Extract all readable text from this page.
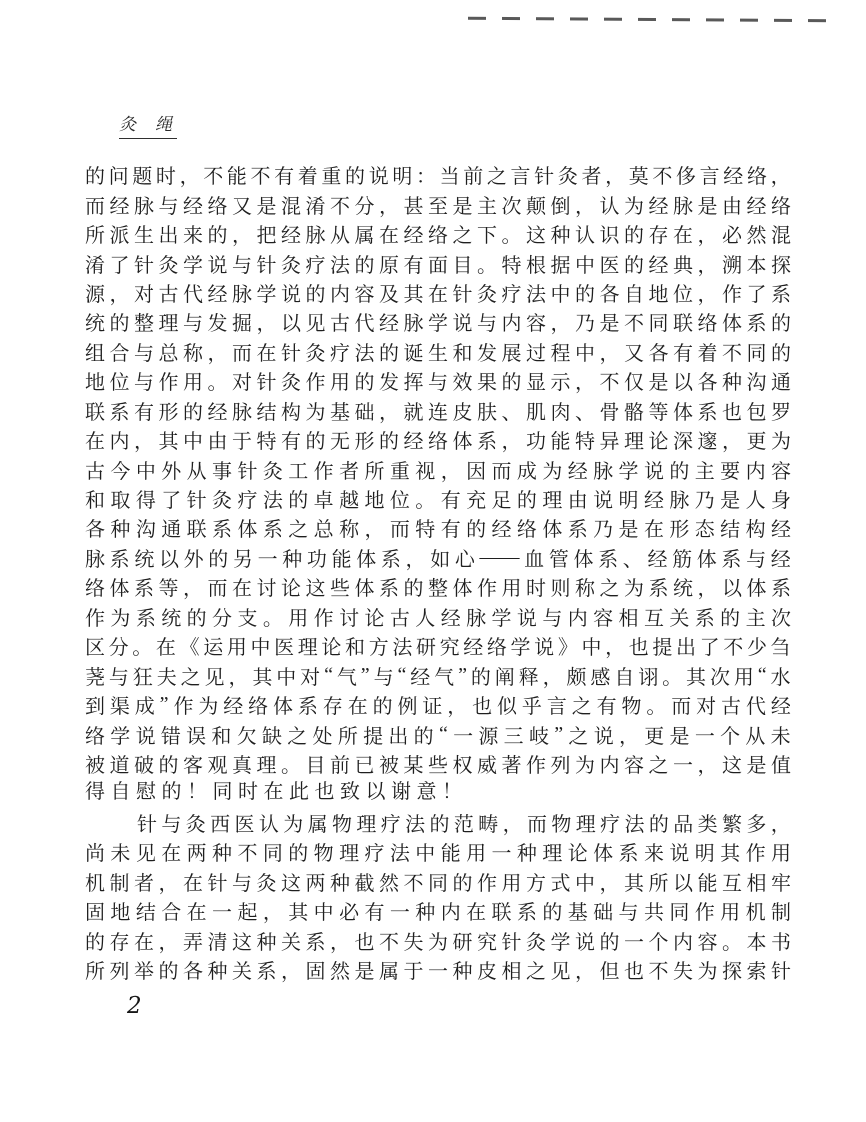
灸　绳
的 问 题 时 ， 不 能 不 有 着 重 的 说 明 ： 当 前 之 言 针 灸 者 ， 莫 不 侈 言 经 络 ，
而 经 脉 与 经 络 又 是 混 淆 不 分 ， 甚 至 是 主 次 颠 倒 ， 认 为 经 脉 是 由 经 络
所 派 生 出 来 的 ， 把 经 脉 从 属 在 经 络 之 下 。 这 种 认 识 的 存 在 ， 必 然 混
淆 了 针 灸 学 说 与 针 灸 疗 法 的 原 有 面 目 。 特 根 据 中 医 的 经 典 ， 溯 本 探
源 ， 对 古 代 经 脉 学 说 的 内 容 及 其 在 针 灸 疗 法 中 的 各 自 地 位 ， 作 了 系
统 的 整 理 与 发 掘 ， 以 见 古 代 经 脉 学 说 与 内 容 ， 乃 是 不 同 联 络 体 系 的
组 合 与 总 称 ， 而 在 针 灸 疗 法 的 诞 生 和 发 展 过 程 中 ， 又 各 有 着 不 同 的
地 位 与 作 用 。 对 针 灸 作 用 的 发 挥 与 效 果 的 显 示 ， 不 仅 是 以 各 种 沟 通
联 系 有 形 的 经 脉 结 构 为 基 础 ， 就 连 皮 肤 、 肌 肉 、 骨 骼 等 体 系 也 包 罗
在 内 ， 其 中 由 于 特 有 的 无 形 的 经 络 体 系 ， 功 能 特 异 理 论 深 邃 ， 更 为
古 今 中 外 从 事 针 灸 工 作 者 所 重 视 ， 因 而 成 为 经 脉 学 说 的 主 要 内 容
和 取 得 了 针 灸 疗 法 的 卓 越 地 位 。 有 充 足 的 理 由 说 明 经 脉 乃 是 人 身
各 种 沟 通 联 系 体 系 之 总 称 ， 而 特 有 的 经 络 体 系 乃 是 在 形 态 结 构 经
脉 系 统 以 外 的 另 一 种 功 能 体 系 ， 如 心 —— 血 管 体 系 、 经 筋 体 系 与 经
络 体 系 等 ， 而 在 讨 论 这 些 体 系 的 整 体 作 用 时 则 称 之 为 系 统 ， 以 体 系
作 为 系 统 的 分 支 。 用 作 讨 论 古 人 经 脉 学 说 与 内 容 相 互 关 系 的 主 次
区 分 。 在 《 运 用 中 医 理 论 和 方 法 研 究 经 络 学 说 》 中 ， 也 提 出 了 不 少 刍
荛 与 狂 夫 之 见 ， 其 中 对 “ 气 ” 与 “ 经 气 ” 的 阐 释 ， 颇 感 自 诩 。 其 次 用 “ 水
到 渠 成 ” 作 为 经 络 体 系 存 在 的 例 证 ， 也 似 乎 言 之 有 物 。 而 对 古 代 经
络 学 说 错 误 和 欠 缺 之 处 所 提 出 的 “ 一 源 三 岐 ” 之 说 ， 更 是 一 个 从 未
被 道 破 的 客 观 真 理 。 目 前 已 被 某 些 权 威 著 作 列 为 内 容 之 一 ， 这 是 值
得自慰的！同时在此也致以谢意！
针 与 灸 西 医 认 为 属 物 理 疗 法 的 范 畴 ， 而 物 理 疗 法 的 品 类 繁 多 ，
尚 未 见 在 两 种 不 同 的 物 理 疗 法 中 能 用 一 种 理 论 体 系 来 说 明 其 作 用
机 制 者 ， 在 针 与 灸 这 两 种 截 然 不 同 的 作 用 方 式 中 ， 其 所 以 能 互 相 牢
固 地 结 合 在 一 起 ， 其 中 必 有 一 种 内 在 联 系 的 基 础 与 共 同 作 用 机 制
的 存 在 ， 弄 清 这 种 关 系 ， 也 不 失 为 研 究 针 灸 学 说 的 一 个 内 容 。 本 书
所 列 举 的 各 种 关 系 ， 固 然 是 属 于 一 种 皮 相 之 见 ， 但 也 不 失 为 探 索 针
2
